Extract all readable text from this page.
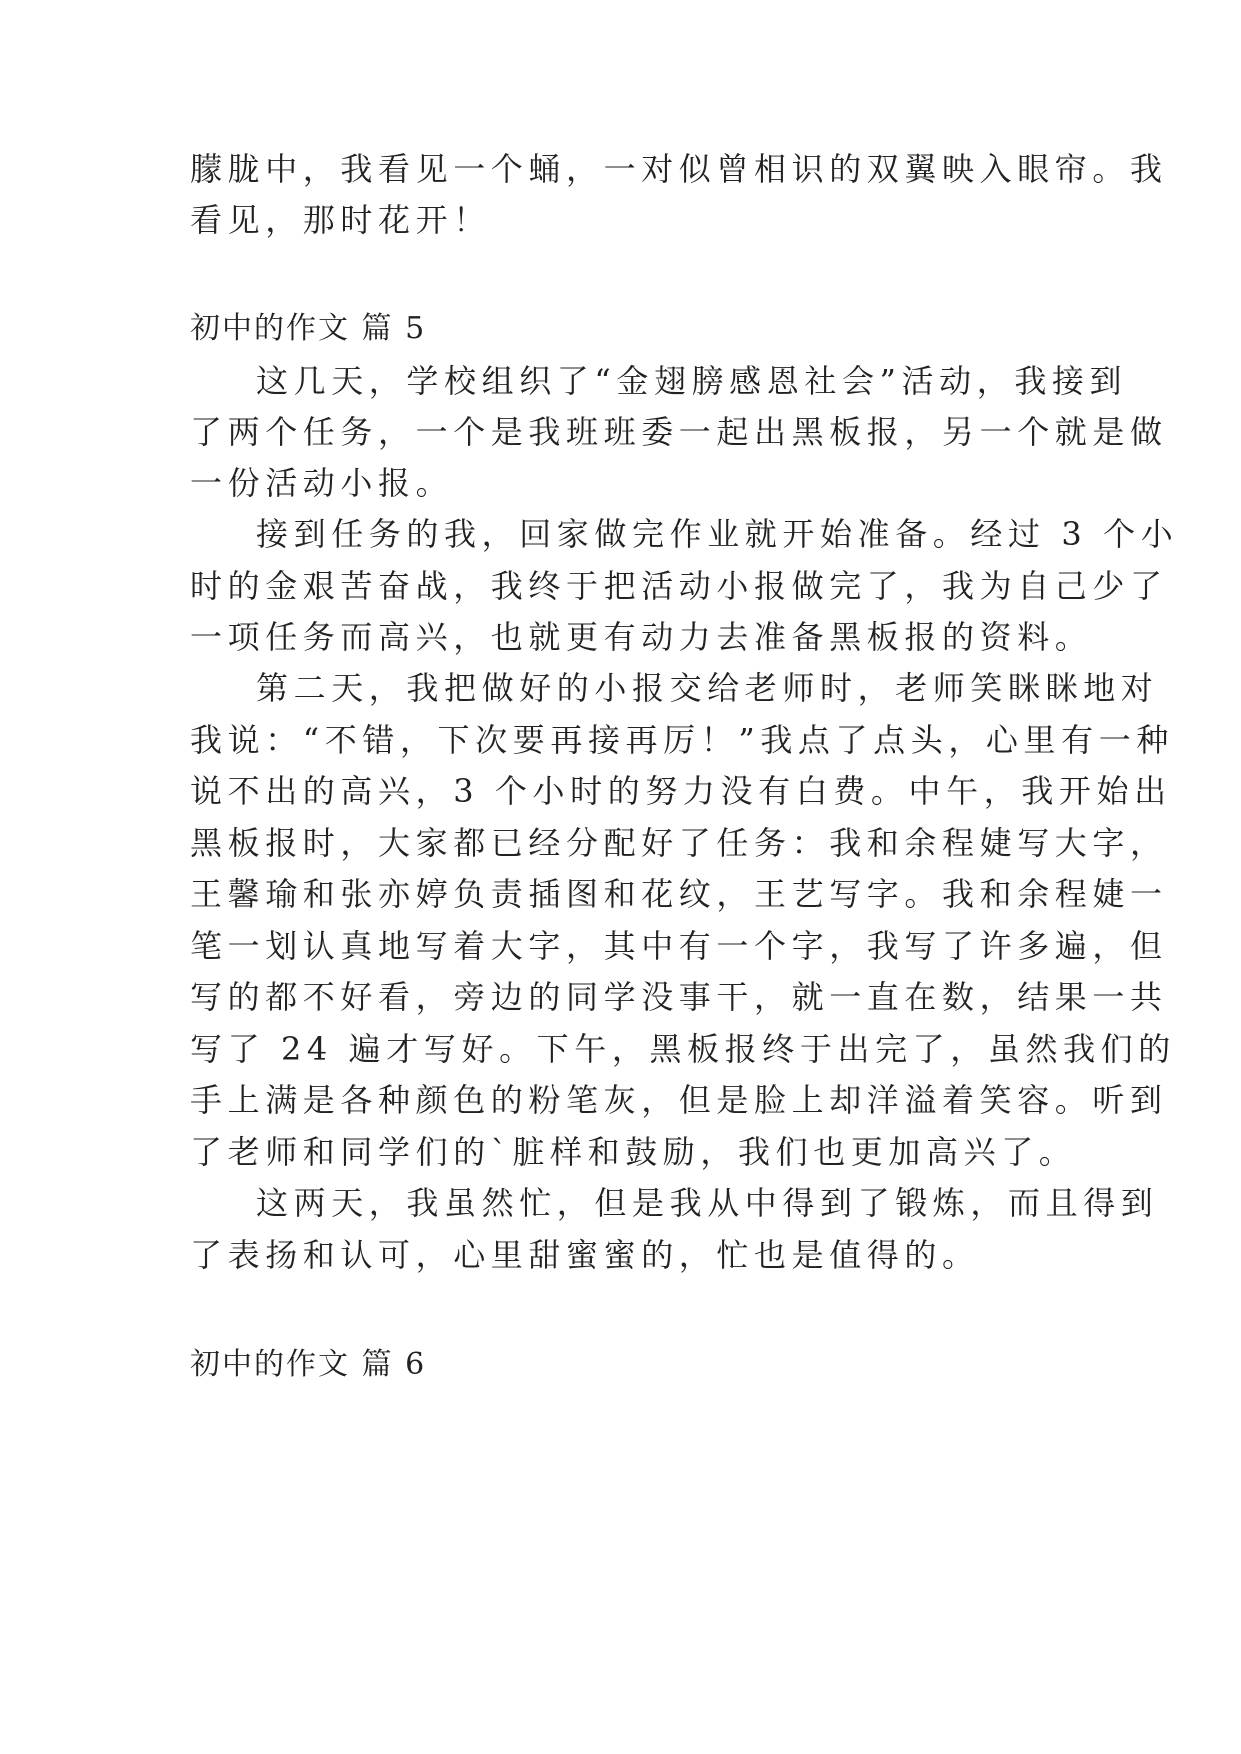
朦胧中，我看见一个蛹，一对似曾相识的双翼映入眼帘。我
看见，那时花开！
初中的作文 篇 5
这几天，学校组织了“金翅膀感恩社会”活动，我接到
了两个任务，一个是我班班委一起出黑板报，另一个就是做
一份活动小报。
接到任务的我，回家做完作业就开始准备。经过 3 个小
时的金艰苦奋战，我终于把活动小报做完了，我为自己少了
一项任务而高兴，也就更有动力去准备黑板报的资料。
第二天，我把做好的小报交给老师时，老师笑眯眯地对
我说：“不错，下次要再接再厉！”我点了点头，心里有一种
说不出的高兴，3 个小时的努力没有白费。中午，我开始出
黑板报时，大家都已经分配好了任务：我和余程婕写大字，
王馨瑜和张亦婷负责插图和花纹，王艺写字。我和余程婕一
笔一划认真地写着大字，其中有一个字，我写了许多遍，但
写的都不好看，旁边的同学没事干，就一直在数，结果一共
写了 24 遍才写好。下午，黑板报终于出完了，虽然我们的
手上满是各种颜色的粉笔灰，但是脸上却洋溢着笑容。听到
了老师和同学们的`脏样和鼓励，我们也更加高兴了。
这两天，我虽然忙，但是我从中得到了锻炼，而且得到
了表扬和认可，心里甜蜜蜜的，忙也是值得的。
初中的作文 篇 6
